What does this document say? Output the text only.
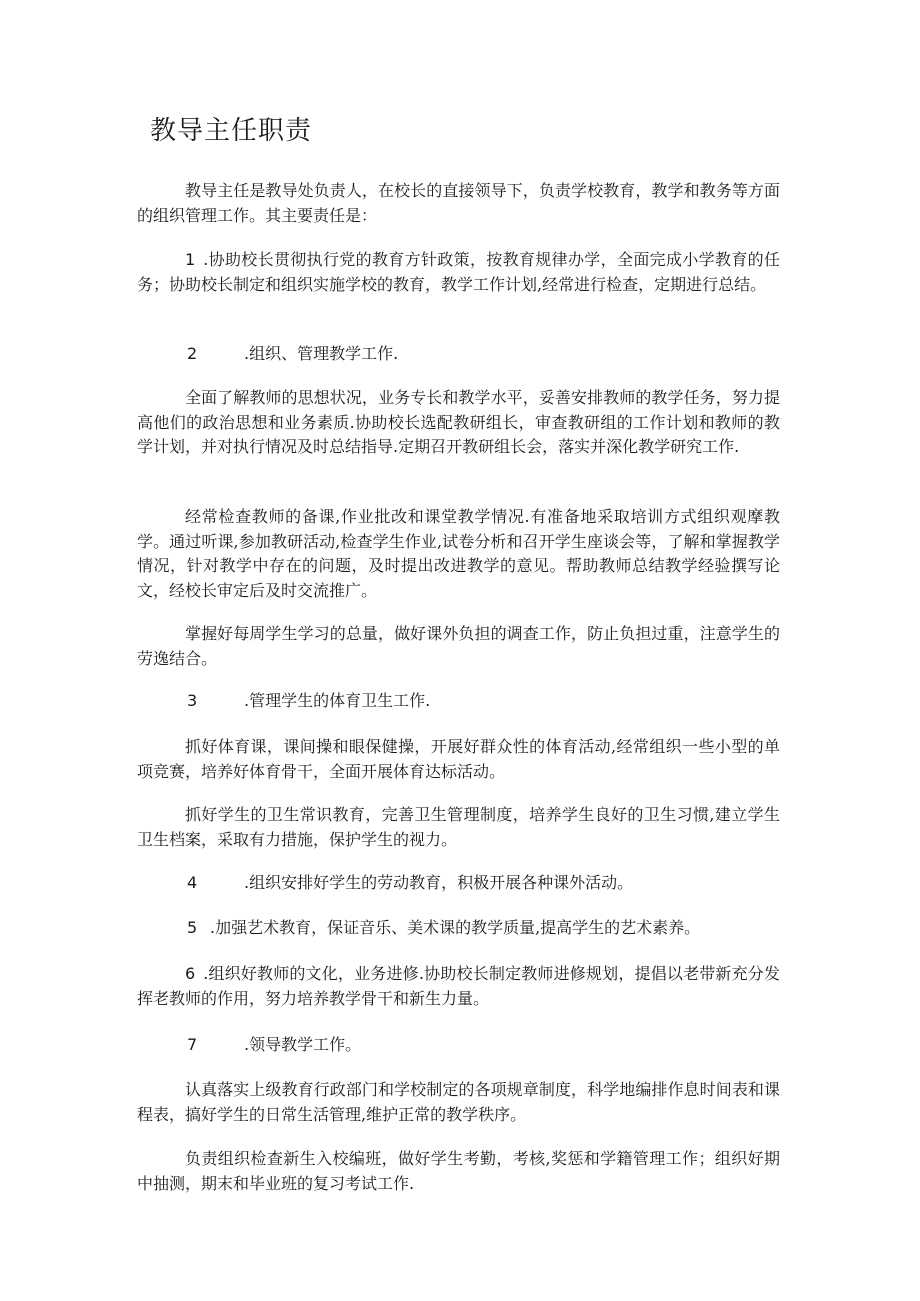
教导主任职责

教导主任是教导处负责人，在校长的直接领导下，负责学校教育，教学和教务等方面的组织管理工作。其主要责任是：

1 .协助校长贯彻执行党的教育方针政策，按教育规律办学，全面完成小学教育的任务；协助校长制定和组织实施学校的教育，教学工作计划,经常进行检查，定期进行总结。

2	.组织、管理教学工作.

全面了解教师的思想状况，业务专长和教学水平，妥善安排教师的教学任务，努力提高他们的政治思想和业务素质.协助校长选配教研组长，审查教研组的工作计划和教师的教学计划，并对执行情况及时总结指导.定期召开教研组长会，落实并深化教学研究工作.

经常检查教师的备课,作业批改和课堂教学情况.有准备地采取培训方式组织观摩教学。通过听课,参加教研活动,检查学生作业,试卷分析和召开学生座谈会等，了解和掌握教学情况，针对教学中存在的问题，及时提出改进教学的意见。帮助教师总结教学经验撰写论文，经校长审定后及时交流推广。

掌握好每周学生学习的总量，做好课外负担的调查工作，防止负担过重，注意学生的劳逸结合。

3	.管理学生的体育卫生工作.

抓好体育课，课间操和眼保健操，开展好群众性的体育活动,经常组织一些小型的单项竞赛，培养好体育骨干，全面开展体育达标活动。

抓好学生的卫生常识教育，完善卫生管理制度，培养学生良好的卫生习惯,建立学生卫生档案，采取有力措施，保护学生的视力。

4	.组织安排好学生的劳动教育，积极开展各种课外活动。
5 .加强艺术教育，保证音乐、美术课的教学质量,提高学生的艺术素养。

6 .组织好教师的文化，业务进修.协助校长制定教师进修规划，提倡以老带新充分发挥老教师的作用，努力培养教学骨干和新生力量。

7	.领导教学工作。

认真落实上级教育行政部门和学校制定的各项规章制度，科学地编排作息时间表和课程表，搞好学生的日常生活管理,维护正常的教学秩序。

负责组织检查新生入校编班，做好学生考勤，考核,奖惩和学籍管理工作；组织好期中抽测，期末和毕业班的复习考试工作.
